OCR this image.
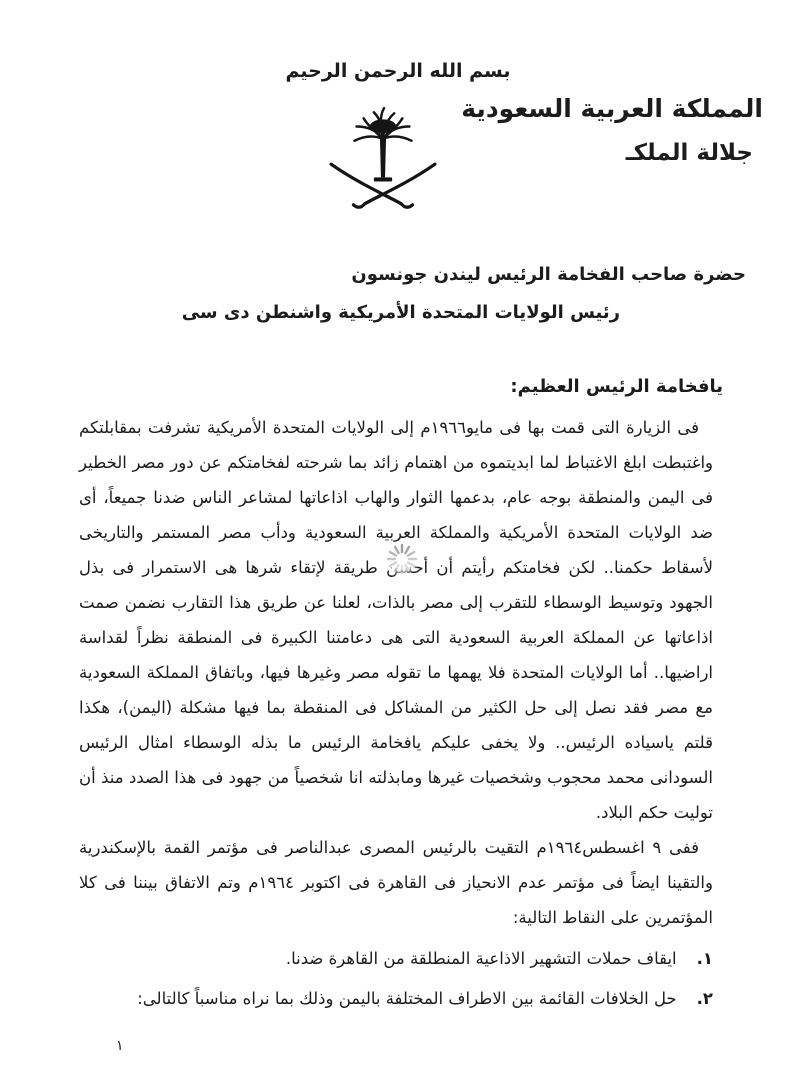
بسم الله الرحمن الرحيم
المملكة العربية السعودية
جلالة الملكـ
حضرة صاحب الفخامة الرئيس ليندن جونسون
رئيس الولايات المتحدة الأمريكية واشنطن دى سى
يافخامة الرئيس العظيم:

فى الزيارة التى قمت بها فى مايو١٩٦٦م إلى الولايات المتحدة الأمريكية تشرفت بمقابلتكم واغتبطت ابلغ الاغتباط لما ابديتموه من اهتمام زائد بما شرحته لفخامتكم عن دور مصر الخطير فى اليمن والمنطقة بوجه عام، بدعمها الثوار والهاب اذاعاتها لمشاعر الناس ضدنا جميعاً، أى ضد الولايات المتحدة الأمريكية والمملكة العربية السعودية ودأب مصر المستمر والتاريخى لأسقاط حكمنا.. لكن فخامتكم رأيتم أن أحسن طريقة لإتقاء شرها هى الاستمرار فى بذل الجهود وتوسيط الوسطاء للتقرب إلى مصر بالذات، لعلنا عن طريق هذا التقارب نضمن صمت اذاعاتها عن المملكة العربية السعودية التى هى دعامتنا الكبيرة فى المنطقة نظراً لقداسة اراضيها.. أما الولايات المتحدة فلا يهمها ما تقوله مصر وغيرها فيها، وباتفاق المملكة السعودية مع مصر فقد نصل إلى حل الكثير من المشاكل فى المنقطة بما فيها مشكلة (اليمن)، هكذا قلتم ياسياده الرئيس.. ولا يخفى عليكم يافخامة الرئيس ما بذله الوسطاء امثال الرئيس السودانى محمد محجوب وشخصيات غيرها ومابذلته انا شخصياً من جهود فى هذا الصدد منذ أن توليت حكم البلاد.

ففى ٩ اغسطس١٩٦٤م التقيت بالرئيس المصرى عبدالناصر فى مؤتمر القمة بالإسكندرية والتقينا ايضاً فى مؤتمر عدم الانحياز فى القاهرة فى اكتوبر ١٩٦٤م وتم الاتفاق بيننا فى كلا المؤتمرين على النقاط التالية:

١.
ايقاف حملات التشهير الاذاعية المنطلقة من القاهرة ضدنا.
٢.
حل الخلافات القائمة بين الاطراف المختلفة باليمن وذلك بما نراه مناسباً كالتالى:
١
